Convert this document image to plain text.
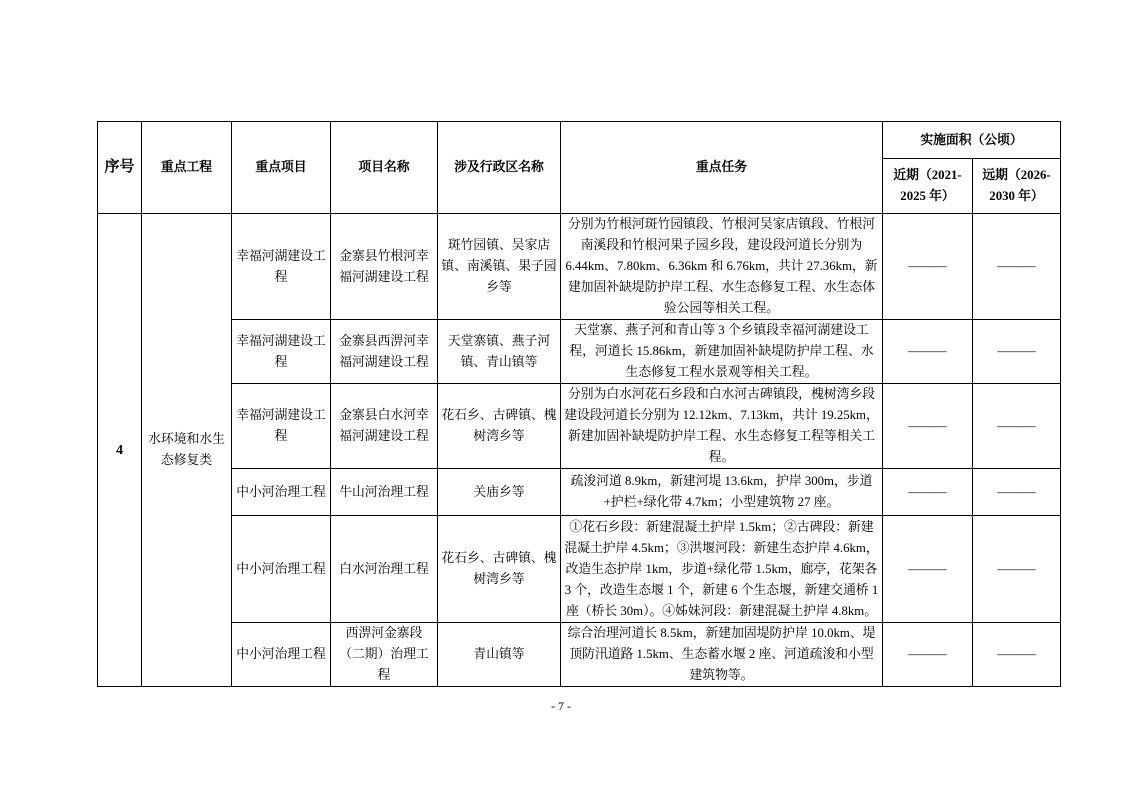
序号	重点工程	重点项目	项目名称	涉及行政区名称	重点任务	实施面积（公顷）	
						近期（2021-2025 年）	远期（2026-2030 年）
4	水环境和水生态修复类	幸福河湖建设工程	金寨县竹根河幸福河湖建设工程	斑竹园镇、吴家店镇、南溪镇、果子园乡等	分别为竹根河斑竹园镇段、竹根河吴家店镇段、竹根河南溪段和竹根河果子园乡段，建设段河道长分别为 6.44km、7.80km、6.36km 和 6.76km，共计 27.36km，新建加固补缺堤防护岸工程、水生态修复工程、水生态体验公园等相关工程。	———	———
		幸福河湖建设工程	金寨县西淠河幸福河湖建设工程	天堂寨镇、燕子河镇、青山镇等	天堂寨、燕子河和青山等 3 个乡镇段幸福河湖建设工程，河道长 15.86km，新建加固补缺堤防护岸工程、水生态修复工程水景观等相关工程。	———	———
		幸福河湖建设工程	金寨县白水河幸福河湖建设工程	花石乡、古碑镇、槐树湾乡等	分别为白水河花石乡段和白水河古碑镇段，槐树湾乡段建设段河道长分别为 12.12km、7.13km，共计 19.25km，新建加固补缺堤防护岸工程、水生态修复工程等相关工程。	———	———
		中小河治理工程	牛山河治理工程	关庙乡等	疏浚河道 8.9km，新建河堤 13.6km，护岸 300m，步道+护栏+绿化带 4.7km；小型建筑物 27 座。	———	———
		中小河治理工程	白水河治理工程	花石乡、古碑镇、槐树湾乡等	①花石乡段：新建混凝土护岸 1.5km；②古碑段：新建混凝土护岸 4.5km；③洪堰河段：新建生态护岸 4.6km，改造生态护岸 1km，步道+绿化带 1.5km，廊亭，花架各 3 个，改造生态堰 1 个，新建 6 个生态堰，新建交通桥 1 座（桥长 30m）。④姊妹河段：新建混凝土护岸 4.8km。	———	———
		中小河治理工程	西淠河金寨段（二期）治理工程	青山镇等	综合治理河道长 8.5km，新建加固堤防护岸 10.0km、堤顶防汛道路 1.5km、生态蓄水堰 2 座、河道疏浚和小型建筑物等。	———	———
- 7 -
